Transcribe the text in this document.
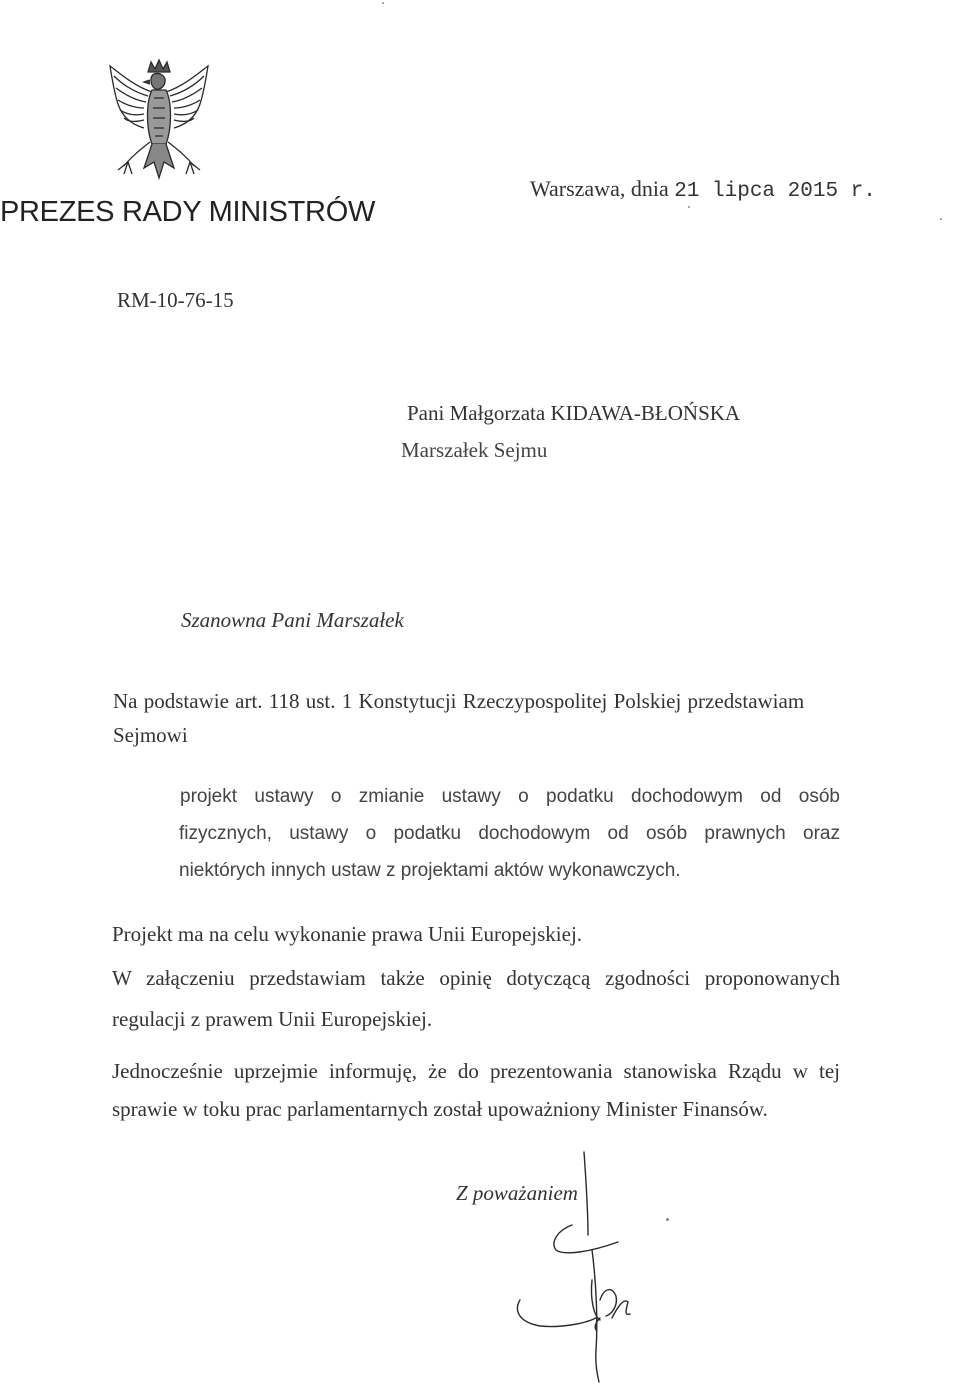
PREZES RADY MINISTRÓW
Warszawa, dnia 21 lipca 2015 r.
RM-10-76-15
Pani Małgorzata KIDAWA-BŁOŃSKA
Marszałek Sejmu
Szanowna Pani Marszałek
Na podstawie art. 118 ust. 1 Konstytucji Rzeczypospolitej Polskiej przedstawiam
Sejmowi
projekt ustawy o zmianie ustawy o podatku dochodowym od osób
fizycznych, ustawy o podatku dochodowym od osób prawnych oraz
niektórych innych ustaw z projektami aktów wykonawczych.
Projekt ma na celu wykonanie prawa Unii Europejskiej.
W załączeniu przedstawiam także opinię dotyczącą zgodności proponowanych
regulacji z prawem Unii Europejskiej.
Jednocześnie uprzejmie informuję, że do prezentowania stanowiska Rządu w tej
sprawie w toku prac parlamentarnych został upoważniony Minister Finansów.
Z poważaniem
